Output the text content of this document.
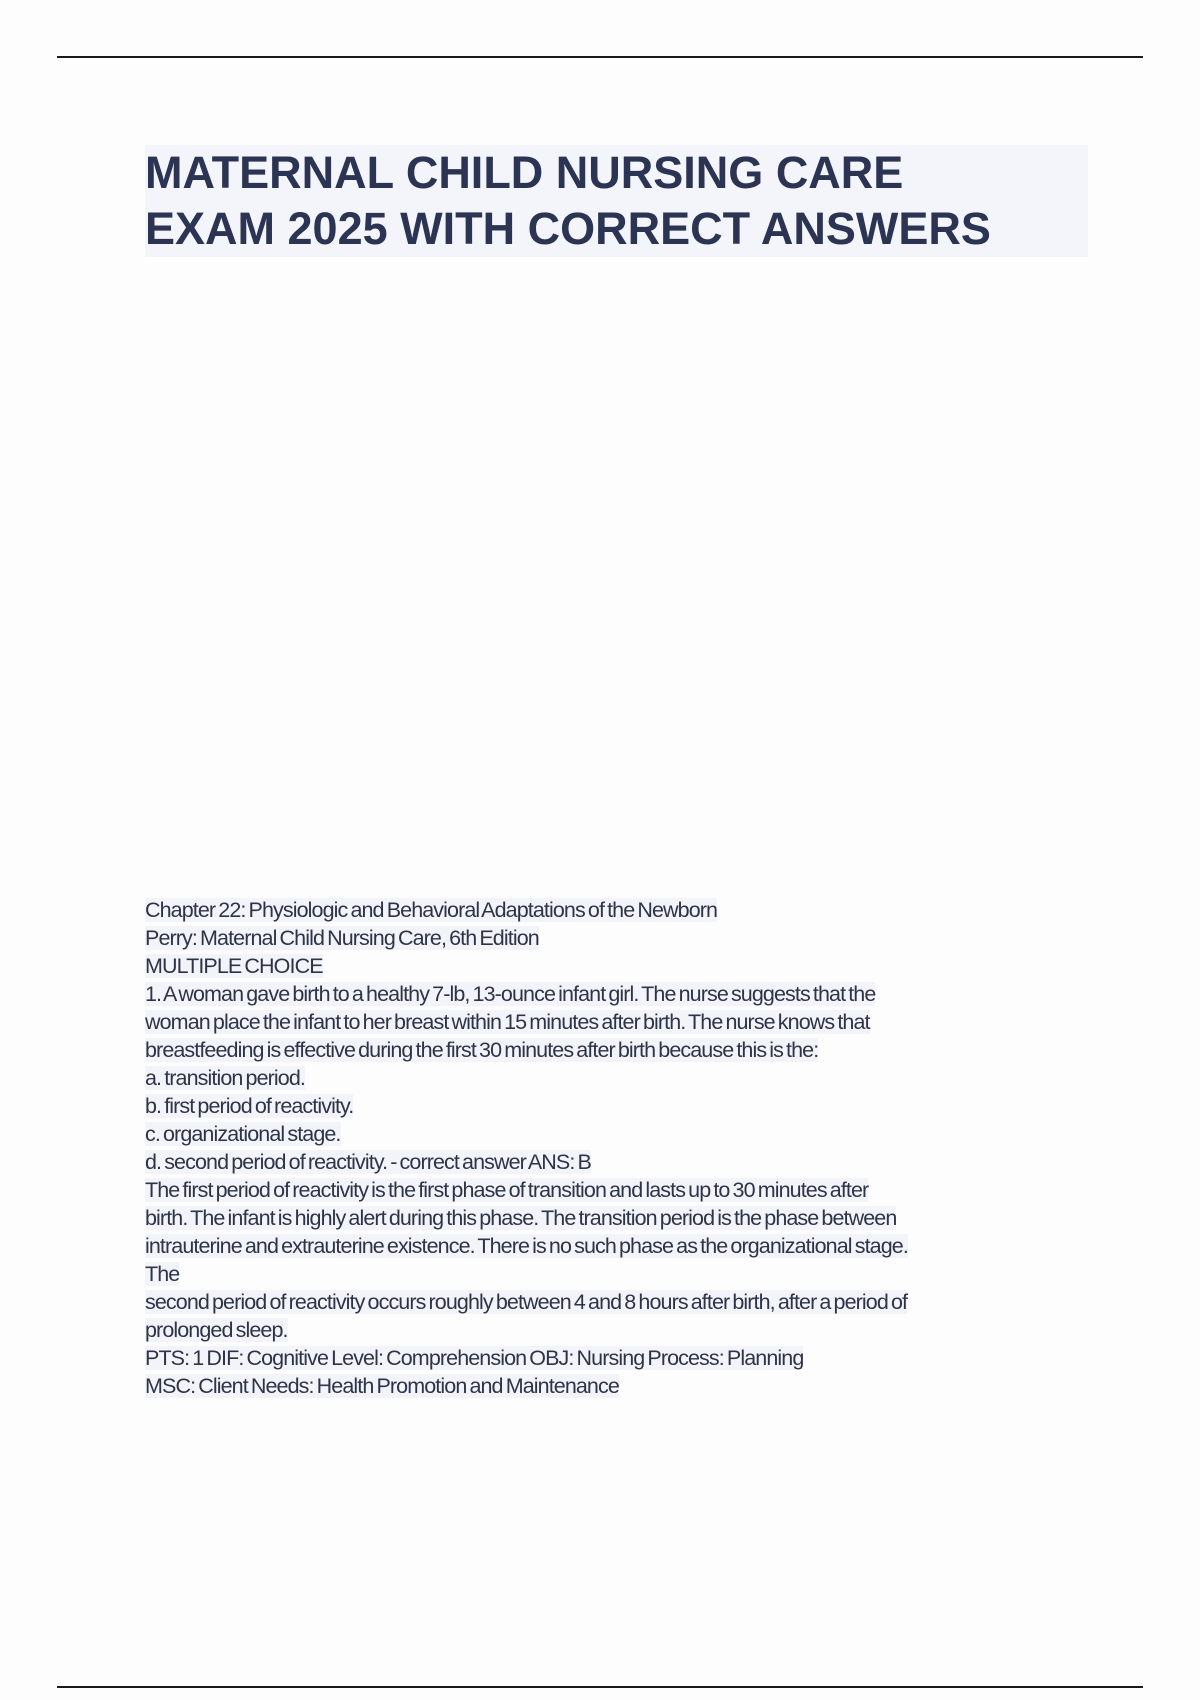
MATERNAL CHILD NURSING CARE
EXAM 2025 WITH CORRECT ANSWERS
Chapter 22: Physiologic and Behavioral Adaptations of the Newborn
Perry: Maternal Child Nursing Care, 6th Edition
MULTIPLE CHOICE
1. A woman gave birth to a healthy 7-lb, 13-ounce infant girl. The nurse suggests that the
woman place the infant to her breast within 15 minutes after birth. The nurse knows that
breastfeeding is effective during the first 30 minutes after birth because this is the:
a. transition period.
b. first period of reactivity.
c. organizational stage.
d. second period of reactivity. - correct answer ANS: B
The first period of reactivity is the first phase of transition and lasts up to 30 minutes after
birth. The infant is highly alert during this phase. The transition period is the phase between
intrauterine and extrauterine existence. There is no such phase as the organizational stage.
The
second period of reactivity occurs roughly between 4 and 8 hours after birth, after a period of
prolonged sleep.
PTS: 1 DIF: Cognitive Level: Comprehension OBJ: Nursing Process: Planning
MSC: Client Needs: Health Promotion and Maintenance
